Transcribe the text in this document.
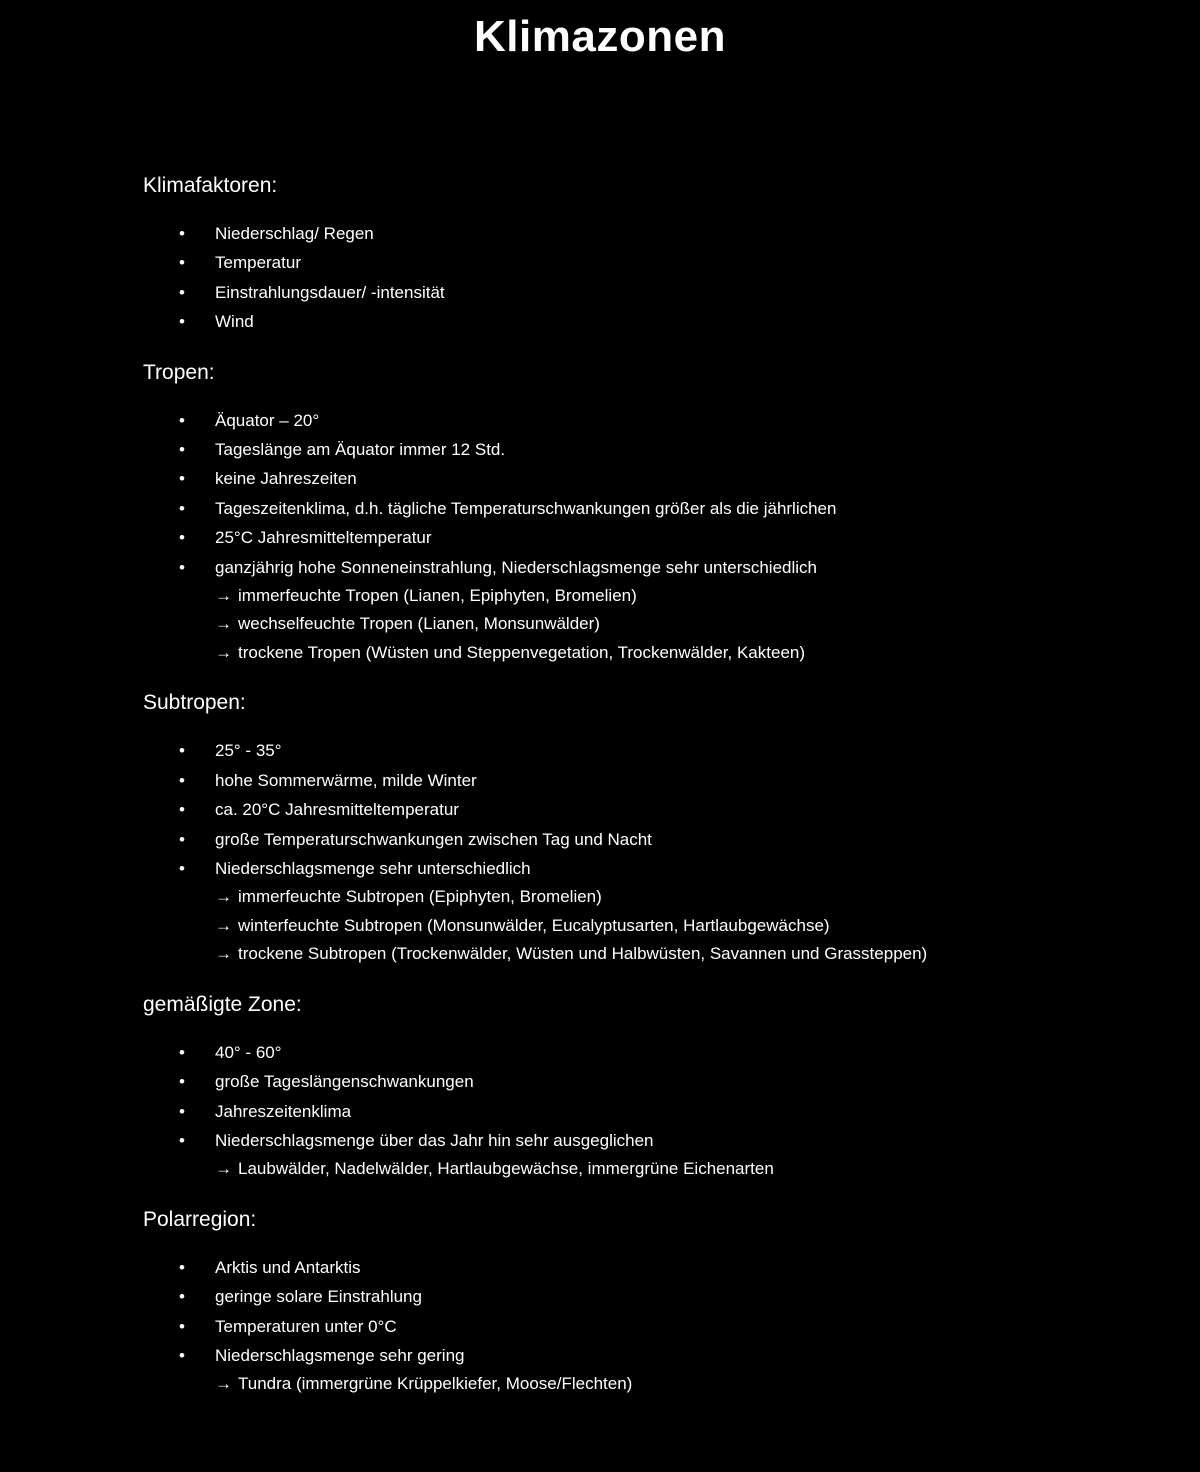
Klimazonen
Klimafaktoren:
• Niederschlag/ Regen
• Temperatur
• Einstrahlungsdauer/ -intensität
• Wind
Tropen:
• Äquator – 20°
• Tageslänge am Äquator immer 12 Std.
• keine Jahreszeiten
• Tageszeitenklima, d.h. tägliche Temperaturschwankungen größer als die jährlichen
• 25°C Jahresmitteltemperatur
• ganzjährig hohe Sonneneinstrahlung, Niederschlagsmenge sehr unterschiedlich
→ immerfeuchte Tropen (Lianen, Epiphyten, Bromelien)
→ wechselfeuchte Tropen (Lianen, Monsunwälder)
→ trockene Tropen (Wüsten und Steppenvegetation, Trockenwälder, Kakteen)
Subtropen:
• 25° - 35°
• hohe Sommerwärme, milde Winter
• ca. 20°C Jahresmitteltemperatur
• große Temperaturschwankungen zwischen Tag und Nacht
• Niederschlagsmenge sehr unterschiedlich
→ immerfeuchte Subtropen (Epiphyten, Bromelien)
→ winterfeuchte Subtropen (Monsunwälder, Eucalyptusarten, Hartlaubgewächse)
→ trockene Subtropen (Trockenwälder, Wüsten und Halbwüsten, Savannen und Grassteppen)
gemäßigte Zone:
• 40° - 60°
• große Tageslängenschwankungen
• Jahreszeitenklima
• Niederschlagsmenge über das Jahr hin sehr ausgeglichen
→ Laubwälder, Nadelwälder, Hartlaubgewächse, immergrüne Eichenarten
Polarregion:
• Arktis und Antarktis
• geringe solare Einstrahlung
• Temperaturen unter 0°C
• Niederschlagsmenge sehr gering
→ Tundra (immergrüne Krüppelkiefer, Moose/Flechten)
